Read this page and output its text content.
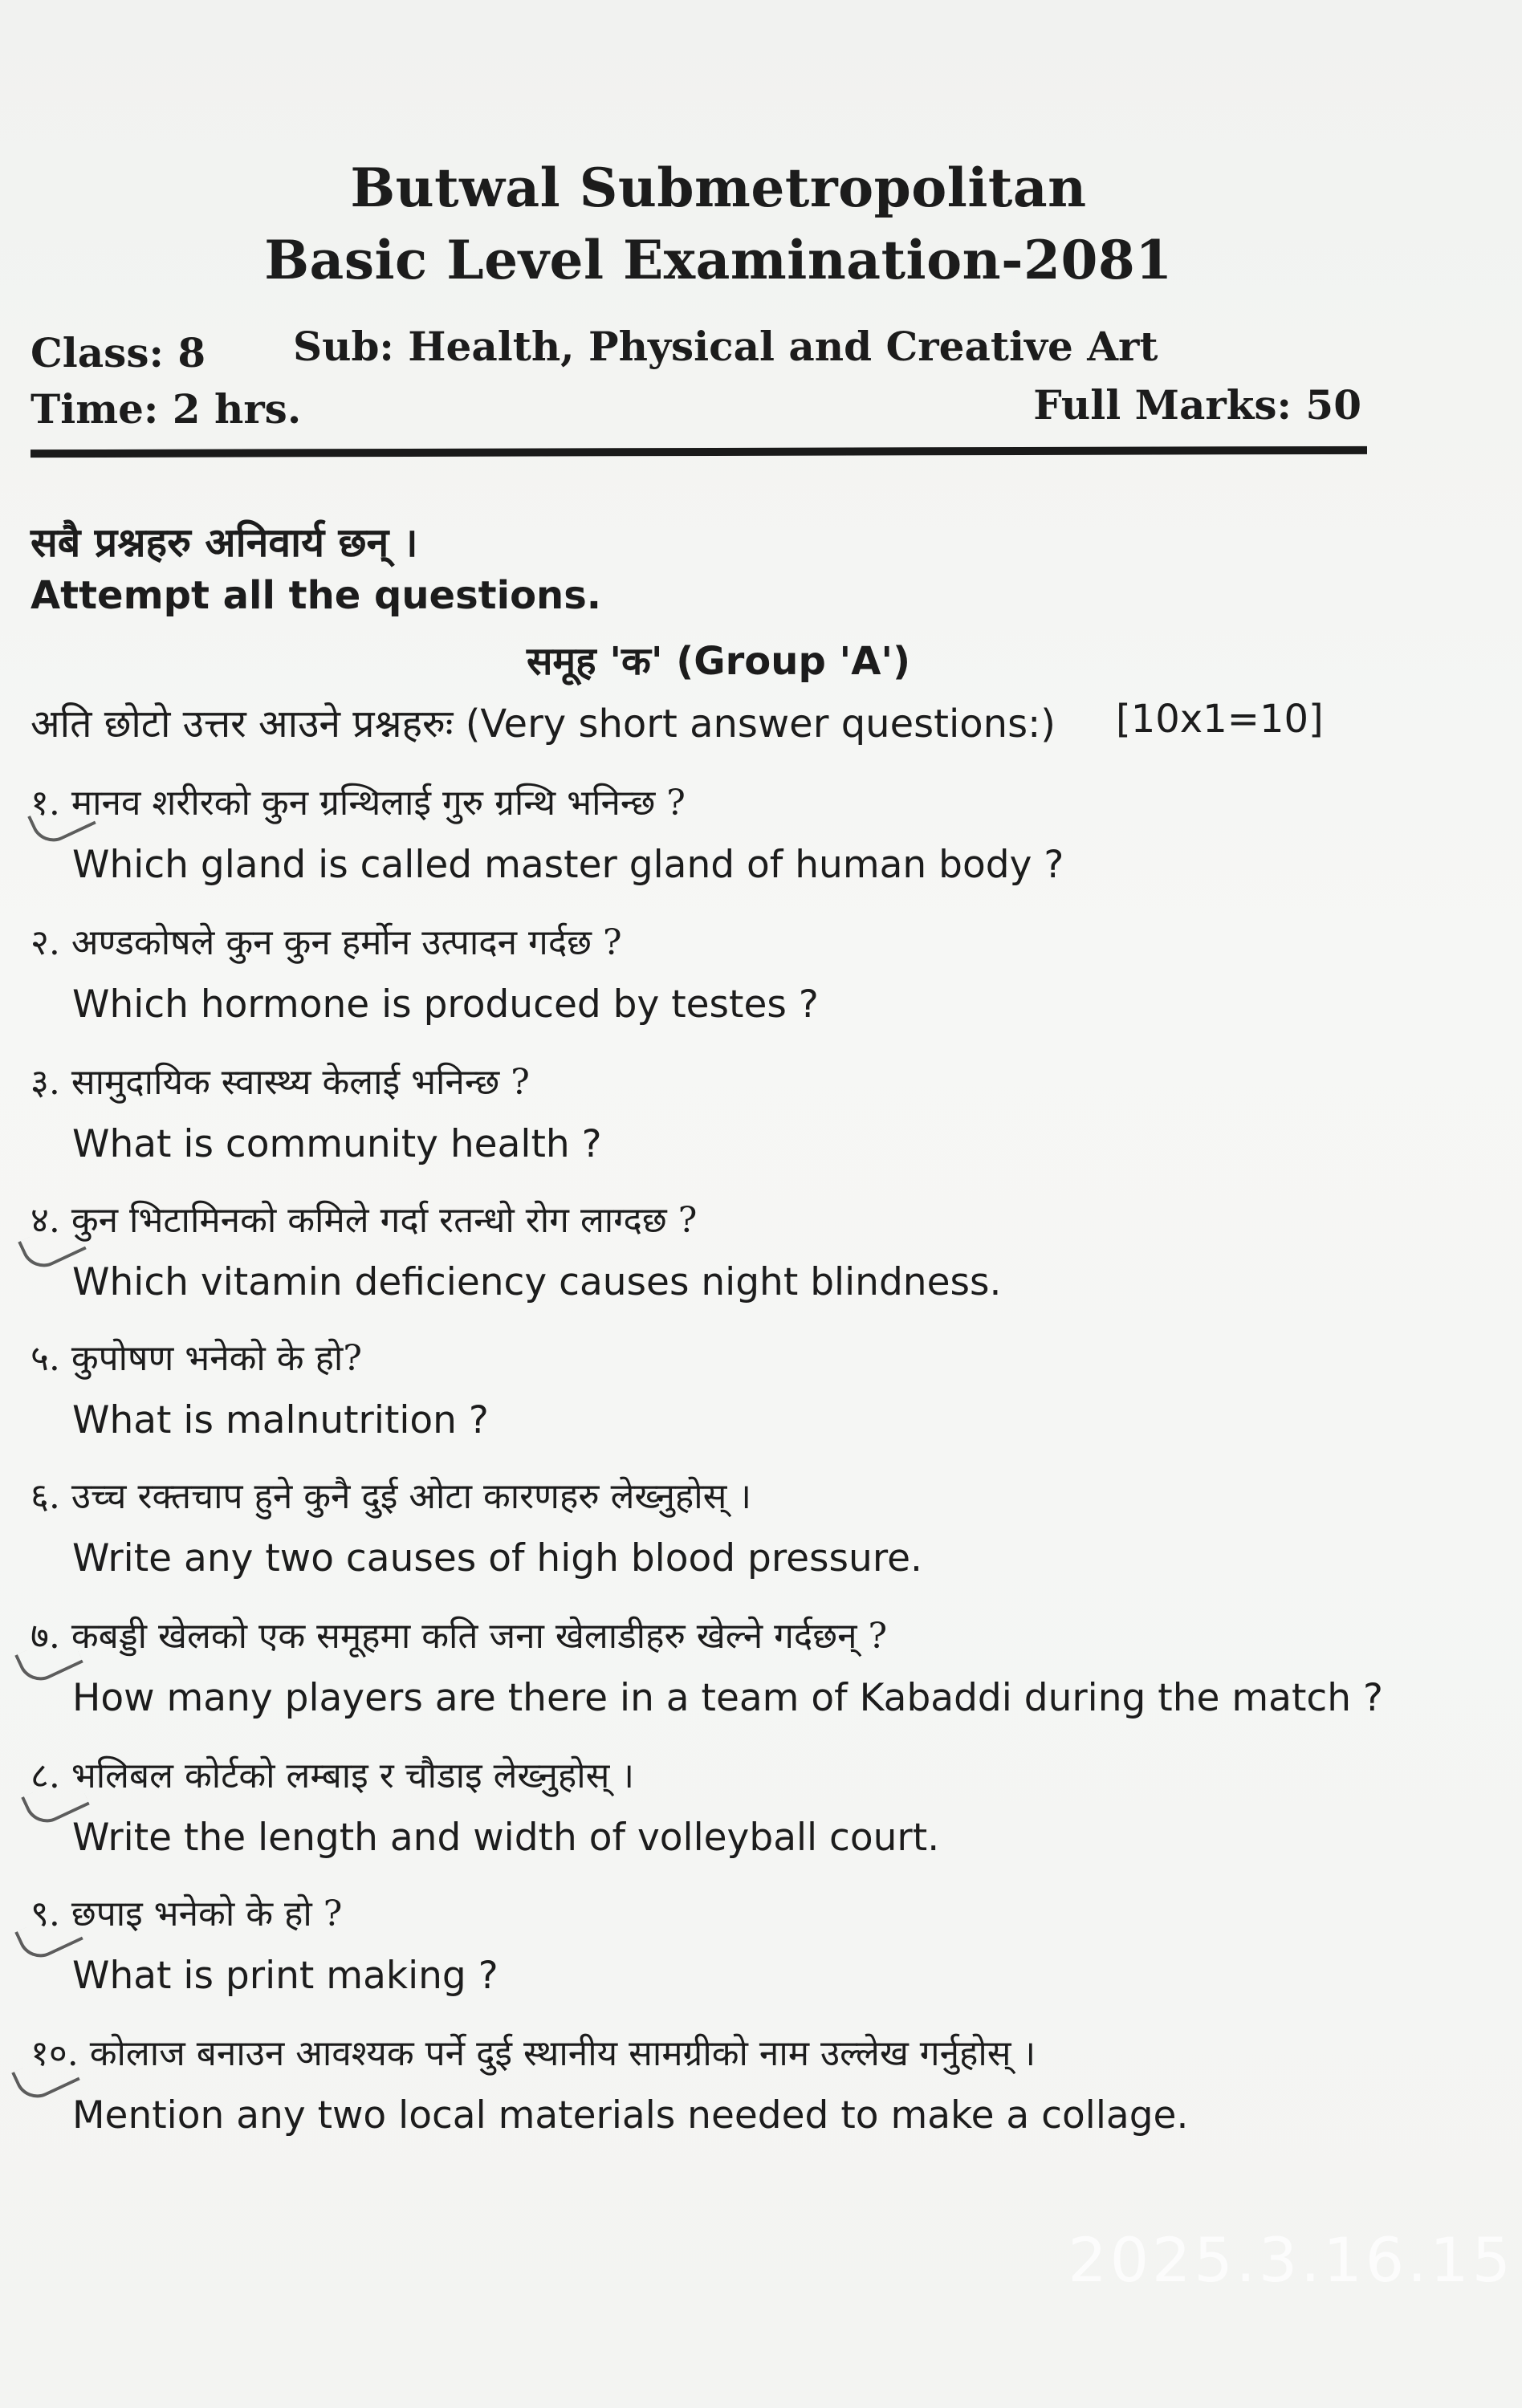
Butwal Submetropolitan
Basic Level Examination-2081
Class: 8 Sub: Health, Physical and Creative Art
Time: 2 hrs.	Full Marks: 50
सबै प्रश्नहरु अनिवार्य छन् ।
Attempt all the questions.
समूह 'क' (Group 'A')
अति छोटो उत्तर आउने प्रश्नहरुः (Very short answer questions:) [10x1=10]
१. मानव शरीरको कुन ग्रन्थिलाई गुरु ग्रन्थि भनिन्छ ?
Which gland is called master gland of human body ?
२. अण्डकोषले कुन कुन हर्मोन उत्पादन गर्दछ ?
Which hormone is produced by testes ?
३. सामुदायिक स्वास्थ्य केलाई भनिन्छ ?
What is community health ?
४. कुन भिटामिनको कमिले गर्दा रतन्धो रोग लाग्दछ ?
Which vitamin deficiency causes night blindness.
५. कुपोषण भनेको के हो?
What is malnutrition ?
६. उच्च रक्तचाप हुने कुनै दुई ओटा कारणहरु लेख्नुहोस् ।
Write any two causes of high blood pressure.
७. कबड्डी खेलको एक समूहमा कति जना खेलाडीहरु खेल्ने गर्दछन् ?
How many players are there in a team of Kabaddi during the match ?
८. भलिबल कोर्टको लम्बाइ र चौडाइ लेख्नुहोस् ।
Write the length and width of volleyball court.
९. छपाइ भनेको के हो ?
What is print making ?
१०. कोलाज बनाउन आवश्यक पर्ने दुई स्थानीय सामग्रीको नाम उल्लेख गर्नुहोस् ।
Mention any two local materials needed to make a collage.
2025.3.16.15
